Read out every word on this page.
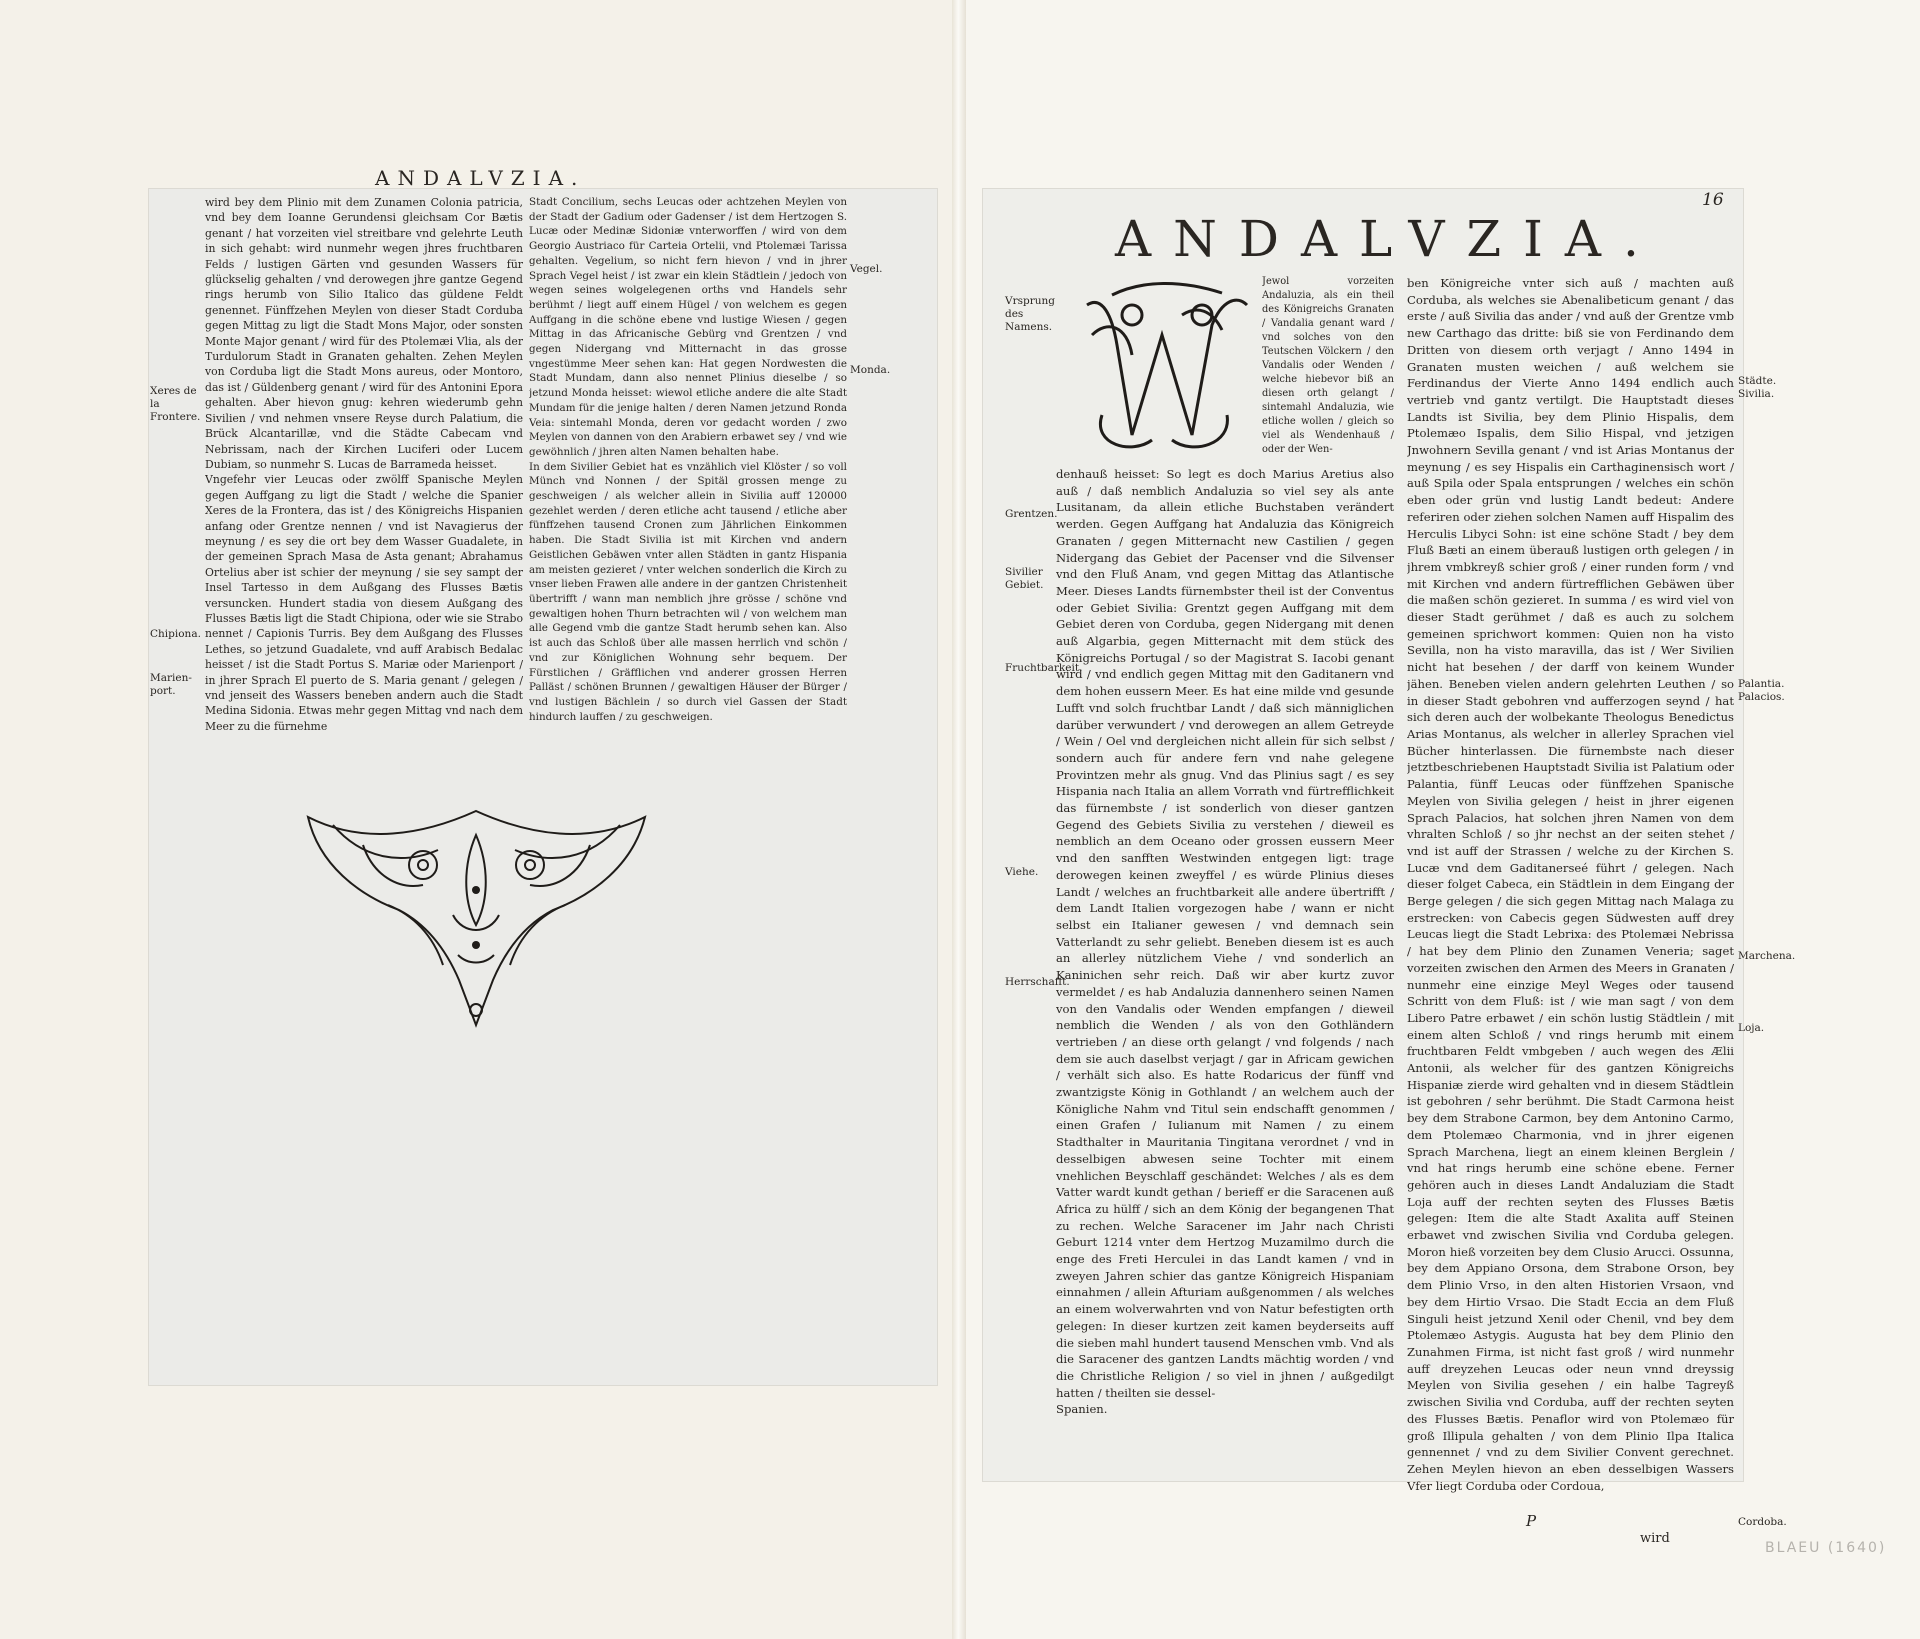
ANDALVZIA.
wird bey dem Plinio mit dem Zunamen Colonia patricia, vnd bey dem Ioanne Gerundensi gleichsam Cor Bætis genant / hat vorzeiten viel streitbare vnd gelehrte Leuth in sich gehabt: wird nunmehr wegen jhres fruchtbaren Felds / lustigen Gärten vnd gesunden Wassers für glückselig gehalten / vnd derowegen jhre gantze Gegend rings herumb von Silio Italico das güldene Feldt genennet. Fünffzehen Meylen von dieser Stadt Corduba gegen Mittag zu ligt die Stadt Mons Major, oder sonsten Monte Major genant / wird für des Ptolemæi Vlia, als der Turdulorum Stadt in Granaten gehalten. Zehen Meylen von Corduba ligt die Stadt Mons aureus, oder Montoro, das ist / Güldenberg genant / wird für des Antonini Epora gehalten. Aber hievon gnug: kehren wiederumb gehn Sivilien / vnd nehmen vnsere Reyse durch Palatium, die Brück Alcantarillæ, vnd die Städte Cabecam vnd Nebrissam, nach der Kirchen Luciferi oder Lucem Dubiam, so nunmehr S. Lucas de Barrameda heisset.
Vngefehr vier Leucas oder zwölff Spanische Meylen gegen Auffgang zu ligt die Stadt / welche die Spanier Xeres de la Frontera, das ist / des Königreichs Hispanien anfang oder Grentze nennen / vnd ist Navagierus der meynung / es sey die ort bey dem Wasser Guadalete, in der gemeinen Sprach Masa de Asta genant; Abrahamus Ortelius aber ist schier der meynung / sie sey sampt der Insel Tartesso in dem Außgang des Flusses Bætis versuncken. Hundert stadia von diesem Außgang des Flusses Bætis ligt die Stadt Chipiona, oder wie sie Strabo nennet / Capionis Turris. Bey dem Außgang des Flusses Lethes, so jetzund Guadalete, vnd auff Arabisch Bedalac heisset / ist die Stadt Portus S. Mariæ oder Marienport / in jhrer Sprach El puerto de S. Maria genant / gelegen / vnd jenseit des Wassers beneben andern auch die Stadt Medina Sidonia. Etwas mehr gegen Mittag vnd nach dem Meer zu die fürnehme
Stadt Concilium, sechs Leucas oder achtzehen Meylen von der Stadt der Gadium oder Gadenser / ist dem Hertzogen S. Lucæ oder Medinæ Sidoniæ vnterworffen / wird von dem Georgio Austriaco für Carteia Ortelii, vnd Ptolemæi Tarissa gehalten. Vegelium, so nicht fern hievon / vnd in jhrer Sprach Vegel heist / ist zwar ein klein Städtlein / jedoch von wegen seines wolgelegenen orths vnd Handels sehr berühmt / liegt auff einem Hügel / von welchem es gegen Auffgang in die schöne ebene vnd lustige Wiesen / gegen Mittag in das Africanische Gebürg vnd Grentzen / vnd gegen Nidergang vnd Mitternacht in das grosse vngestümme Meer sehen kan: Hat gegen Nordwesten die Stadt Mundam, dann also nennet Plinius dieselbe / so jetzund Monda heisset: wiewol etliche andere die alte Stadt Mundam für die jenige halten / deren Namen jetzund Ronda Veia: sintemahl Monda, deren vor gedacht worden / zwo Meylen von dannen von den Arabiern erbawet sey / vnd wie gewöhnlich / jhren alten Namen behalten habe.
In dem Sivilier Gebiet hat es vnzählich viel Klöster / so voll Münch vnd Nonnen / der Spitäl grossen menge zu geschweigen / als welcher allein in Sivilia auff 120000 gezehlet werden / deren etliche acht tausend / etliche aber fünffzehen tausend Cronen zum Jährlichen Einkommen haben. Die Stadt Sivilia ist mit Kirchen vnd andern Geistlichen Gebäwen vnter allen Städten in gantz Hispania am meisten gezieret / vnter welchen sonderlich die Kirch zu vnser lieben Frawen alle andere in der gantzen Christenheit übertrifft / wann man nemblich jhre grösse / schöne vnd gewaltigen hohen Thurn betrachten wil / von welchem man alle Gegend vmb die gantze Stadt herumb sehen kan. Also ist auch das Schloß über alle massen herrlich vnd schön / vnd zur Königlichen Wohnung sehr bequem. Der Fürstlichen / Gräfflichen vnd anderer grossen Herren Palläst / schönen Brunnen / gewaltigen Häuser der Bürger / vnd lustigen Bächlein / so durch viel Gassen der Stadt hindurch lauffen / zu geschweigen.
Xeres de la Frontere.
Chipiona.
Marien-port.
Vegel.
Monda.
16
ANDALVZIA.
Jewol vorzeiten Andaluzia, als ein theil des Königreichs Granaten / Vandalia genant ward / vnd solches von den Teutschen Völckern / den Vandalis oder Wenden / welche hiebevor biß an diesen orth gelangt / sintemahl Andaluzia, wie etliche wollen / gleich so viel als Wendenhauß / oder der Wen-
denhauß heisset: So legt es doch Marius Aretius also auß / daß nemblich Andaluzia so viel sey als ante Lusitanam, da allein etliche Buchstaben verändert werden. Gegen Auffgang hat Andaluzia das Königreich Granaten / gegen Mitternacht new Castilien / gegen Nidergang das Gebiet der Pacenser vnd die Silvenser vnd den Fluß Anam, vnd gegen Mittag das Atlantische Meer. Dieses Landts fürnembster theil ist der Conventus oder Gebiet Sivilia: Grentzt gegen Auffgang mit dem Gebiet deren von Corduba, gegen Nidergang mit denen auß Algarbia, gegen Mitternacht mit dem stück des Königreichs Portugal / so der Magistrat S. Iacobi genant wird / vnd endlich gegen Mittag mit den Gaditanern vnd dem hohen eussern Meer. Es hat eine milde vnd gesunde Lufft vnd solch fruchtbar Landt / daß sich männiglichen darüber verwundert / vnd derowegen an allem Getreyde / Wein / Oel vnd dergleichen nicht allein für sich selbst / sondern auch für andere fern vnd nahe gelegene Provintzen mehr als gnug. Vnd das Plinius sagt / es sey Hispania nach Italia an allem Vorrath vnd fürtrefflichkeit das fürnembste / ist sonderlich von dieser gantzen Gegend des Gebiets Sivilia zu verstehen / dieweil es nemblich an dem Oceano oder grossen eussern Meer vnd den sanfften Westwinden entgegen ligt: trage derowegen keinen zweyffel / es würde Plinius dieses Landt / welches an fruchtbarkeit alle andere übertrifft / dem Landt Italien vorgezogen habe / wann er nicht selbst ein Italianer gewesen / vnd demnach sein Vatterlandt zu sehr geliebt. Beneben diesem ist es auch an allerley nützlichem Viehe / vnd sonderlich an Kaninichen sehr reich. Daß wir aber kurtz zuvor vermeldet / es hab Andaluzia dannenhero seinen Namen von den Vandalis oder Wenden empfangen / dieweil nemblich die Wenden / als von den Gothländern vertrieben / an diese orth gelangt / vnd folgends / nach dem sie auch daselbst verjagt / gar in Africam gewichen / verhält sich also. Es hatte Rodaricus der fünff vnd zwantzigste König in Gothlandt / an welchem auch der Königliche Nahm vnd Titul sein endschafft genommen / einen Grafen / Iulianum mit Namen / zu einem Stadthalter in Mauritania Tingitana verordnet / vnd in desselbigen abwesen seine Tochter mit einem vnehlichen Beyschlaff geschändet: Welches / als es dem Vatter wardt kundt gethan / berieff er die Saracenen auß Africa zu hülff / sich an dem König der begangenen That zu rechen. Welche Saracener im Jahr nach Christi Geburt 1214 vnter dem Hertzog Muzamilmo durch die enge des Freti Herculei in das Landt kamen / vnd in zweyen Jahren schier das gantze Königreich Hispaniam einnahmen / allein Afturiam außgenommen / als welches an einem wolverwahrten vnd von Natur befestigten orth gelegen: In dieser kurtzen zeit kamen beyderseits auff die sieben mahl hundert tausend Menschen vmb. Vnd als die Saracener des gantzen Landts mächtig worden / vnd die Christliche Religion / so viel in jhnen / außgedilgt hatten / theilten sie dessel-
Spanien.
ben Königreiche vnter sich auß / machten auß Corduba, als welches sie Abenalibeticum genant / das erste / auß Sivilia das ander / vnd auß der Grentze vmb new Carthago das dritte: biß sie von Ferdinando dem Dritten von diesem orth verjagt / Anno 1494 in Granaten musten weichen / auß welchem sie Ferdinandus der Vierte Anno 1494 endlich auch vertrieb vnd gantz vertilgt. Die Hauptstadt dieses Landts ist Sivilia, bey dem Plinio Hispalis, dem Ptolemæo Ispalis, dem Silio Hispal, vnd jetzigen Jnwohnern Sevilla genant / vnd ist Arias Montanus der meynung / es sey Hispalis ein Carthaginensisch wort / auß Spila oder Spala entsprungen / welches ein schön eben oder grün vnd lustig Landt bedeut: Andere referiren oder ziehen solchen Namen auff Hispalim des Herculis Libyci Sohn: ist eine schöne Stadt / bey dem Fluß Bæti an einem überauß lustigen orth gelegen / in jhrem vmbkreyß schier groß / einer runden form / vnd mit Kirchen vnd andern fürtrefflichen Gebäwen über die maßen schön gezieret. In summa / es wird viel von dieser Stadt gerühmet / daß es auch zu solchem gemeinen sprichwort kommen: Quien non ha visto Sevilla, non ha visto maravilla, das ist / Wer Sivilien nicht hat besehen / der darff von keinem Wunder jähen. Beneben vielen andern gelehrten Leuthen / so in dieser Stadt gebohren vnd aufferzogen seynd / hat sich deren auch der wolbekante Theologus Benedictus Arias Montanus, als welcher in allerley Sprachen viel Bücher hinterlassen. Die fürnembste nach dieser jetztbeschriebenen Hauptstadt Sivilia ist Palatium oder Palantia, fünff Leucas oder fünffzehen Spanische Meylen von Sivilia gelegen / heist in jhrer eigenen Sprach Palacios, hat solchen jhren Namen von dem vhralten Schloß / so jhr nechst an der seiten stehet / vnd ist auff der Strassen / welche zu der Kirchen S. Lucæ vnd dem Gaditanerseé führt / gelegen. Nach dieser folget Cabeca, ein Städtlein in dem Eingang der Berge gelegen / die sich gegen Mittag nach Malaga zu erstrecken: von Cabecis gegen Südwesten auff drey Leucas liegt die Stadt Lebrixa: des Ptolemæi Nebrissa / hat bey dem Plinio den Zunamen Veneria; saget vorzeiten zwischen den Armen des Meers in Granaten / nunmehr eine einzige Meyl Weges oder tausend Schritt von dem Fluß: ist / wie man sagt / von dem Libero Patre erbawet / ein schön lustig Städtlein / mit einem alten Schloß / vnd rings herumb mit einem fruchtbaren Feldt vmbgeben / auch wegen des Ælii Antonii, als welcher für des gantzen Königreichs Hispaniæ zierde wird gehalten vnd in diesem Städtlein ist gebohren / sehr berühmt. Die Stadt Carmona heist bey dem Strabone Carmon, bey dem Antonino Carmo, dem Ptolemæo Charmonia, vnd in jhrer eigenen Sprach Marchena, liegt an einem kleinen Berglein / vnd hat rings herumb eine schöne ebene. Ferner gehören auch in dieses Landt Andaluziam die Stadt Loja auff der rechten seyten des Flusses Bætis gelegen: Item die alte Stadt Axalita auff Steinen erbawet vnd zwischen Sivilia vnd Corduba gelegen. Moron hieß vorzeiten bey dem Clusio Arucci. Ossunna, bey dem Appiano Orsona, dem Strabone Orson, bey dem Plinio Vrso, in den alten Historien Vrsaon, vnd bey dem Hirtio Vrsao. Die Stadt Eccia an dem Fluß Singuli heist jetzund Xenil oder Chenil, vnd bey dem Ptolemæo Astygis. Augusta hat bey dem Plinio den Zunahmen Firma, ist nicht fast groß / wird nunmehr auff dreyzehen Leucas oder neun vnnd dreyssig Meylen von Sivilia gesehen / ein halbe Tagreyß zwischen Sivilia vnd Corduba, auff der rechten seyten des Flusses Bætis. Penaflor wird von Ptolemæo für groß Illipula gehalten / von dem Plinio Ilpa Italica gennennet / vnd zu dem Sivilier Convent gerechnet. Zehen Meylen hievon an eben desselbigen Wassers Vfer liegt Corduba oder Cordoua,
Vrsprung des Namens.
Grentzen.
Sivilier Gebiet.
Fruchtbarkeit.
Viehe.
Herrschafft.
Städte. Sivilia.
Palantia. Palacios.
Marchena.
Loja.
Cordoba.
P
wird
BLAEU (1640)
